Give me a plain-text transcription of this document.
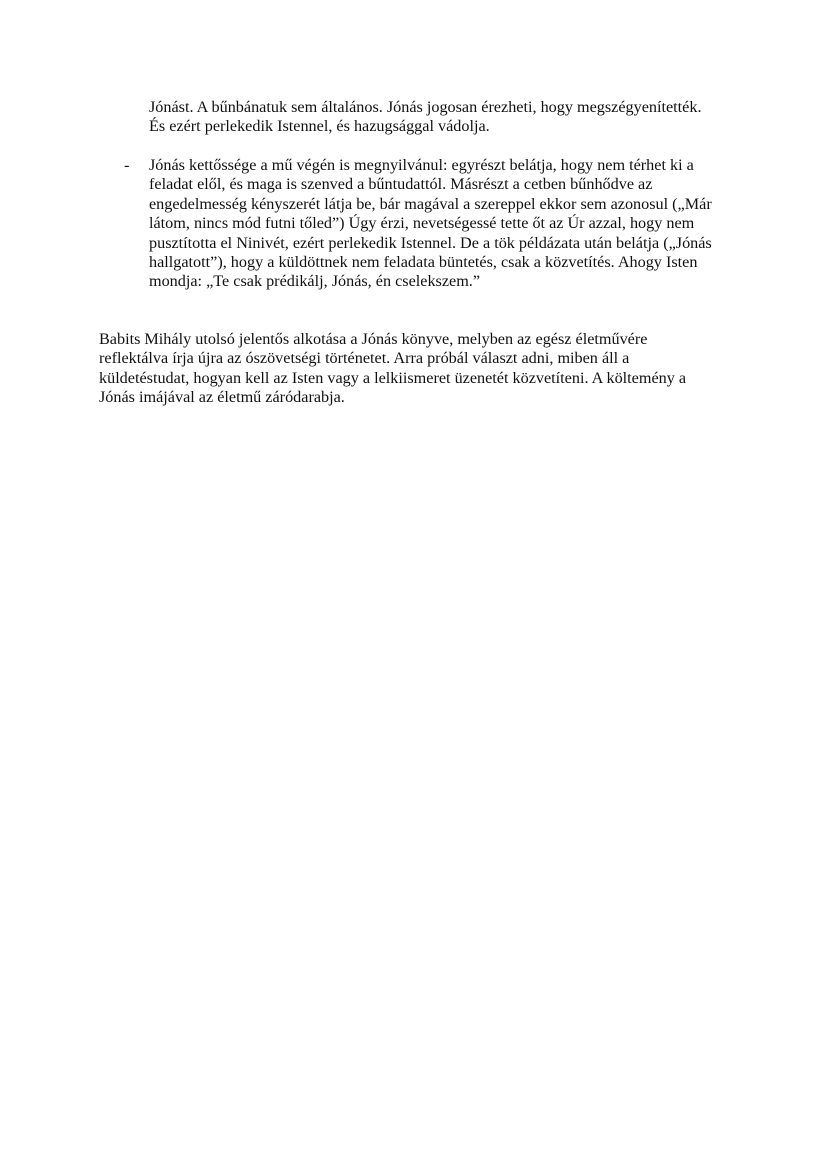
Jónást. A bűnbánatuk sem általános. Jónás jogosan érezheti, hogy megszégyenítették.
És ezért perlekedik Istennel, és hazugsággal vádolja.
-	Jónás kettőssége a mű végén is megnyilvánul: egyrészt belátja, hogy nem térhet ki a
feladat elől, és maga is szenved a bűntudattól. Másrészt a cetben bűnhődve az
engedelmesség kényszerét látja be, bár magával a szereppel ekkor sem azonosul („Már
látom, nincs mód futni tőled”) Úgy érzi, nevetségessé tette őt az Úr azzal, hogy nem
pusztította el Ninivét, ezért perlekedik Istennel. De a tök példázata után belátja („Jónás
hallgatott”), hogy a küldöttnek nem feladata büntetés, csak a közvetítés. Ahogy Isten
mondja: „Te csak prédikálj, Jónás, én cselekszem.”
Babits Mihály utolsó jelentős alkotása a Jónás könyve, melyben az egész életművére
reflektálva írja újra az ószövetségi történetet. Arra próbál választ adni, miben áll a
küldetéstudat, hogyan kell az Isten vagy a lelkiismeret üzenetét közvetíteni. A költemény a
Jónás imájával az életmű záródarabja.
